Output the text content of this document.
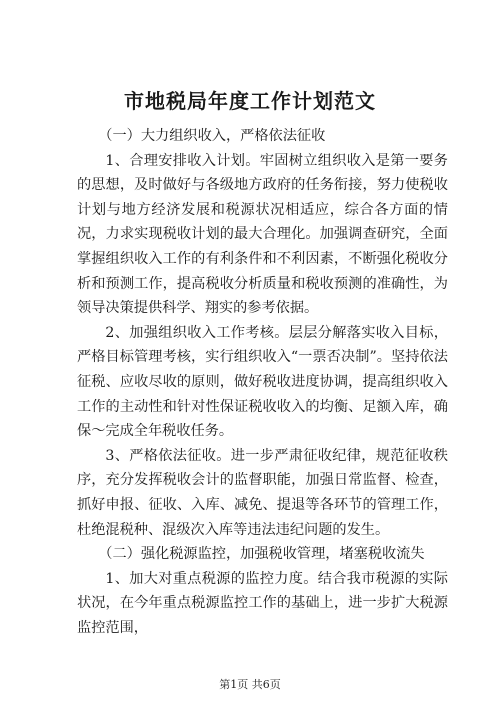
市地税局年度工作计划范文

（一）大力组织收入，严格依法征收

1、合理安排收入计划。牢固树立组织收入是第一要务的思想，及时做好与各级地方政府的任务衔接，努力使税收计划与地方经济发展和税源状况相适应，综合各方面的情况，力求实现税收计划的最大合理化。加强调查研究，全面掌握组织收入工作的有利条件和不利因素，不断强化税收分析和预测工作，提高税收分析质量和税收预测的准确性，为领导决策提供科学、翔实的参考依据。

2、加强组织收入工作考核。层层分解落实收入目标，严格目标管理考核，实行组织收入“一票否决制”。坚持依法征税、应收尽收的原则，做好税收进度协调，提高组织收入工作的主动性和针对性保证税收收入的均衡、足额入库，确保～完成全年税收任务。

3、严格依法征收。进一步严肃征收纪律，规范征收秩序，充分发挥税收会计的监督职能，加强日常监督、检查，抓好申报、征收、入库、减免、提退等各环节的管理工作，杜绝混税种、混级次入库等违法违纪问题的发生。

（二）强化税源监控，加强税收管理，堵塞税收流失

1、加大对重点税源的监控力度。结合我市税源的实际状况，在今年重点税源监控工作的基础上，进一步扩大税源监控范围，

第1页 共6页
